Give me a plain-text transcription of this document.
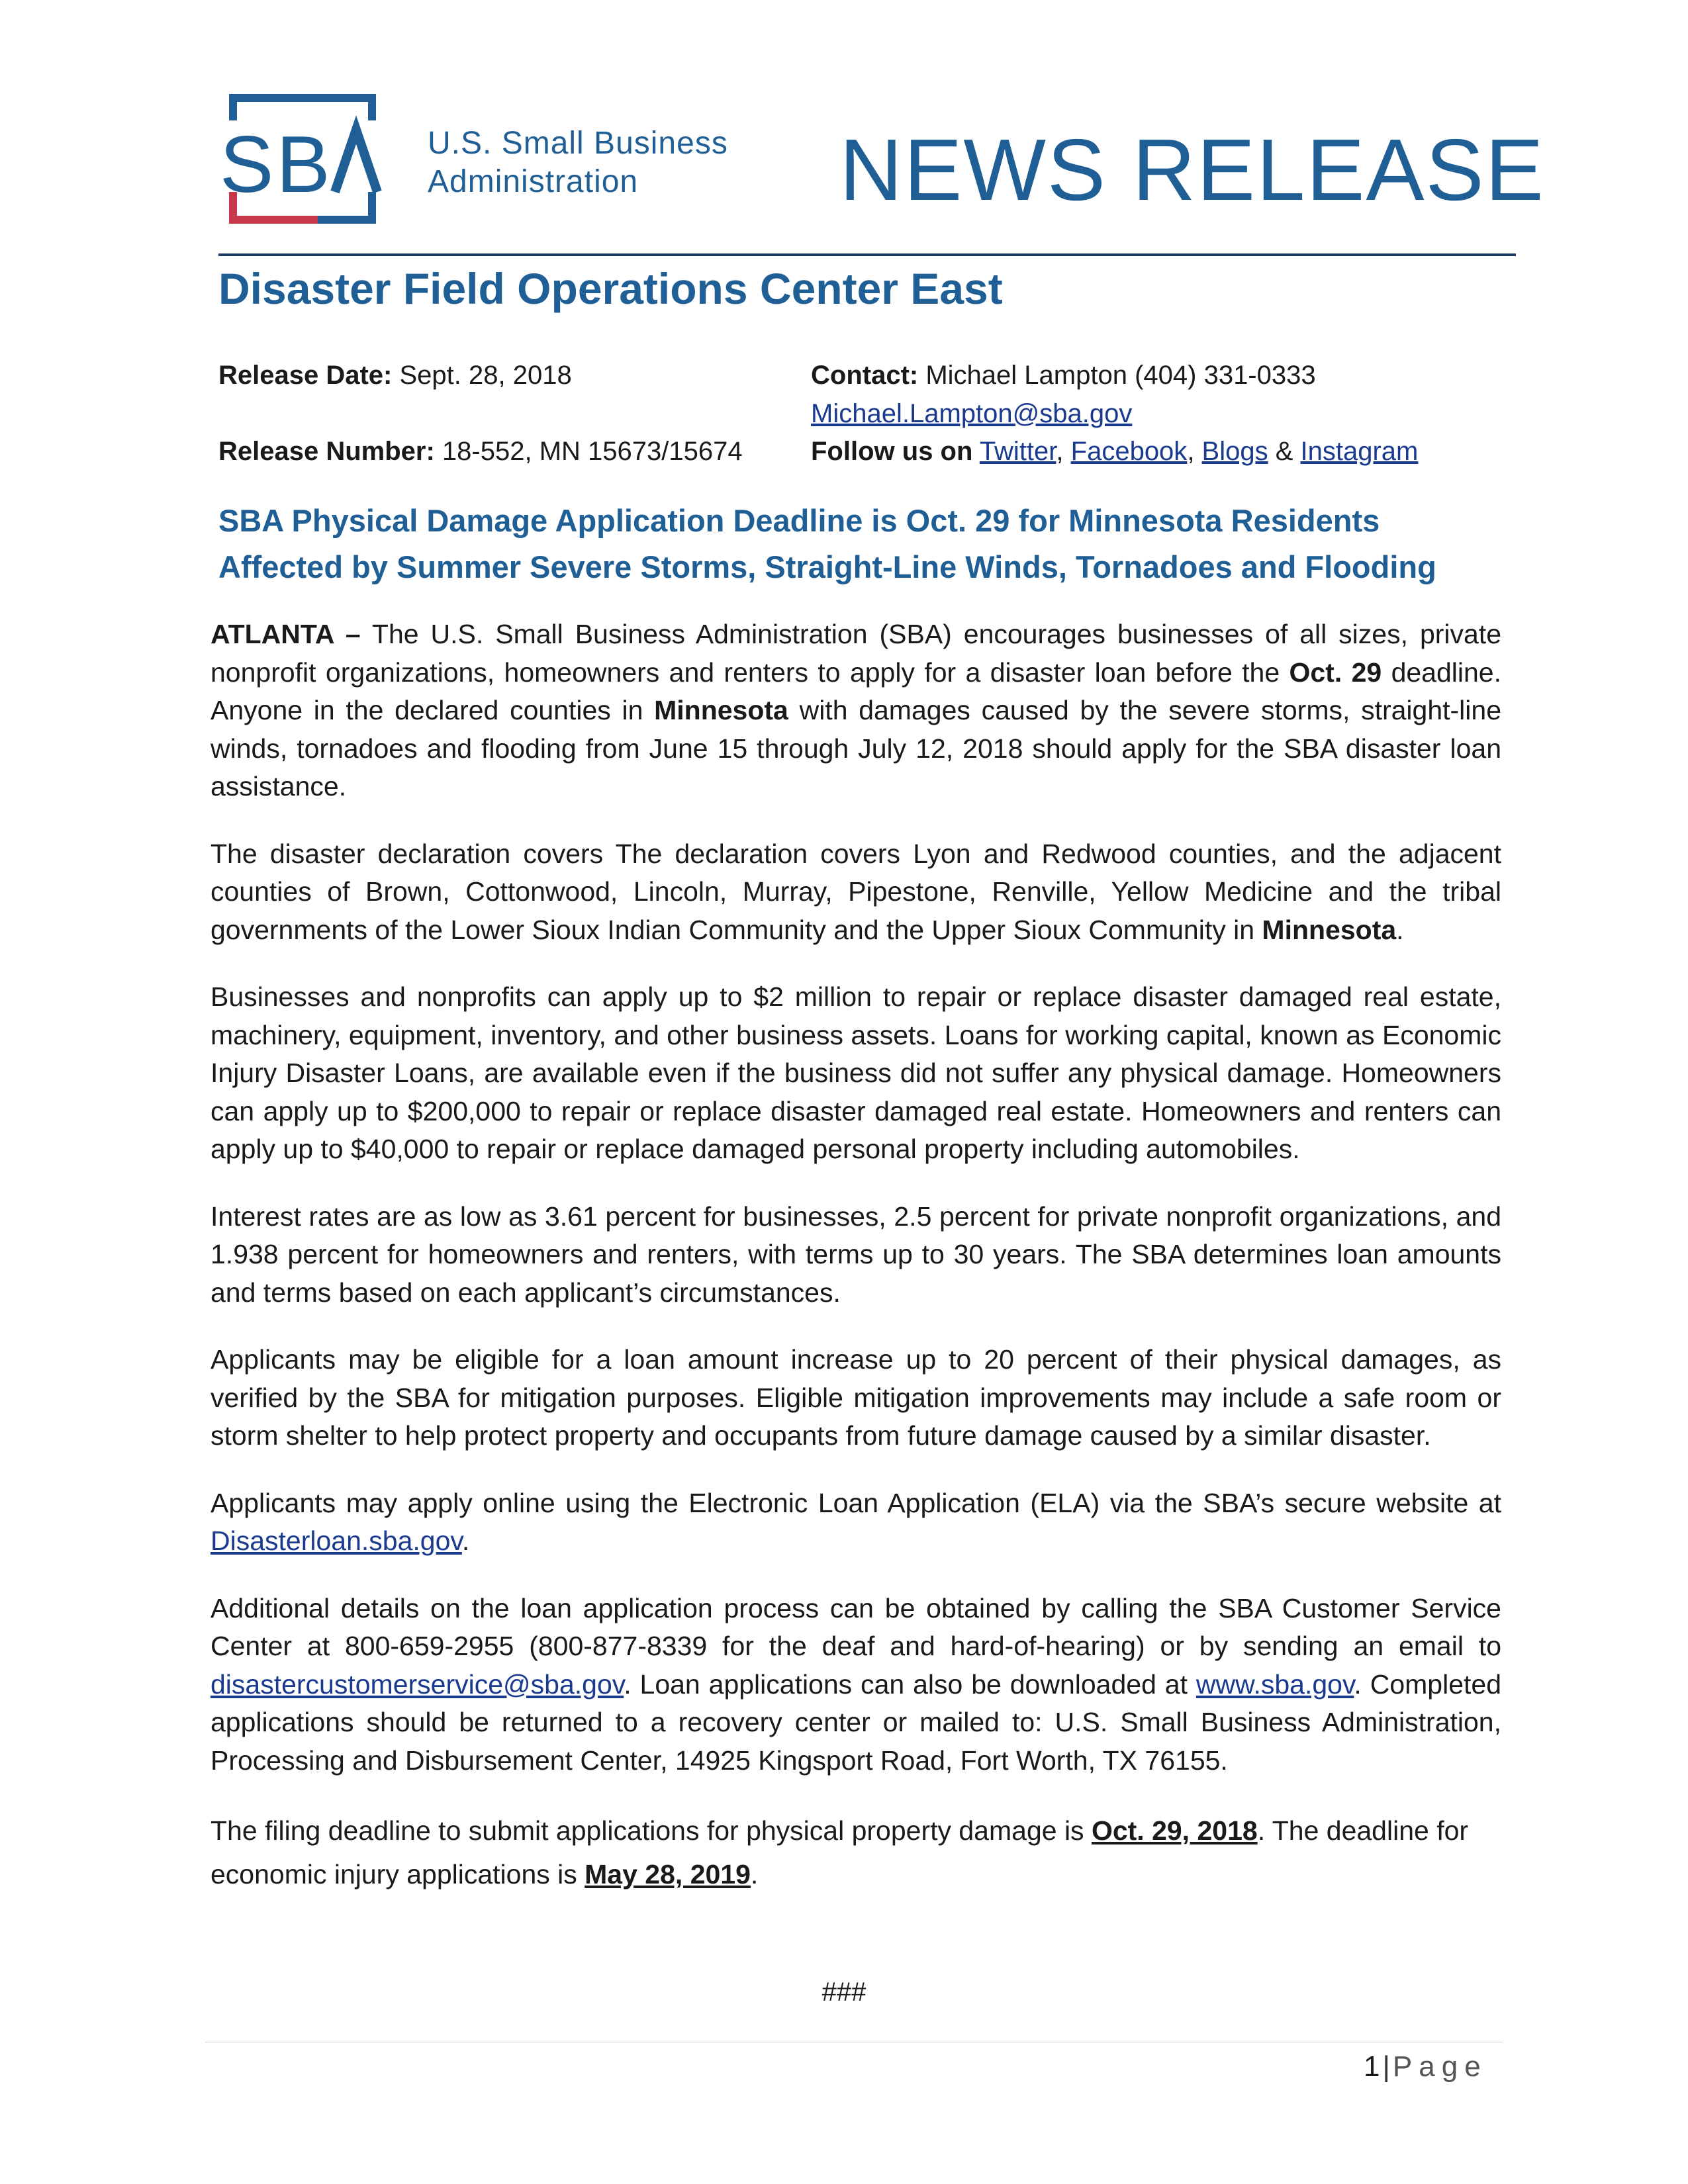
SB
SBA
U.S. Small Business
Administration	NEWS RELEASE
Disaster Field Operations Center East
Release Date: Sept. 28, 2018
Release Number: 18-552, MN 15673/15674
Contact: Michael Lampton (404) 331-0333
Michael.Lampton@sba.gov
Follow us on Twitter, Facebook, Blogs & Instagram
SBA Physical Damage Application Deadline is Oct. 29 for Minnesota Residents
Affected by Summer Severe Storms, Straight-Line Winds, Tornadoes and Flooding

ATLANTA – The U.S. Small Business Administration (SBA) encourages businesses of all sizes, private nonprofit organizations, homeowners and renters to apply for a disaster loan before the Oct. 29 deadline. Anyone in the declared counties in Minnesota with damages caused by the severe storms, straight-line winds, tornadoes and flooding from June 15 through July 12, 2018 should apply for the SBA disaster loan assistance.

The disaster declaration covers The declaration covers Lyon and Redwood counties, and the adjacent counties of Brown, Cottonwood, Lincoln, Murray, Pipestone, Renville, Yellow Medicine and the tribal governments of the Lower Sioux Indian Community and the Upper Sioux Community in Minnesota.

Businesses and nonprofits can apply up to $2 million to repair or replace disaster damaged real estate, machinery, equipment, inventory, and other business assets. Loans for working capital, known as Economic Injury Disaster Loans, are available even if the business did not suffer any physical damage. Homeowners can apply up to $200,000 to repair or replace disaster damaged real estate. Homeowners and renters can apply up to $40,000 to repair or replace damaged personal property including automobiles.

Interest rates are as low as 3.61 percent for businesses, 2.5 percent for private nonprofit organizations, and 1.938 percent for homeowners and renters, with terms up to 30 years. The SBA determines loan amounts and terms based on each applicant’s circumstances.

Applicants may be eligible for a loan amount increase up to 20 percent of their physical damages, as verified by the SBA for mitigation purposes. Eligible mitigation improvements may include a safe room or storm shelter to help protect property and occupants from future damage caused by a similar disaster.

Applicants may apply online using the Electronic Loan Application (ELA) via the SBA’s secure website at Disasterloan.sba.gov.

Additional details on the loan application process can be obtained by calling the SBA Customer Service Center at 800-659-2955 (800-877-8339 for the deaf and hard-of-hearing) or by sending an email to disastercustomerservice@sba.gov. Loan applications can also be downloaded at www.sba.gov. Completed applications should be returned to a recovery center or mailed to: U.S. Small Business Administration, Processing and Disbursement Center, 14925 Kingsport Road, Fort Worth, TX 76155.

The filing deadline to submit applications for physical property damage is Oct. 29, 2018. The deadline for economic injury applications is May 28, 2019.

###
1|Page
